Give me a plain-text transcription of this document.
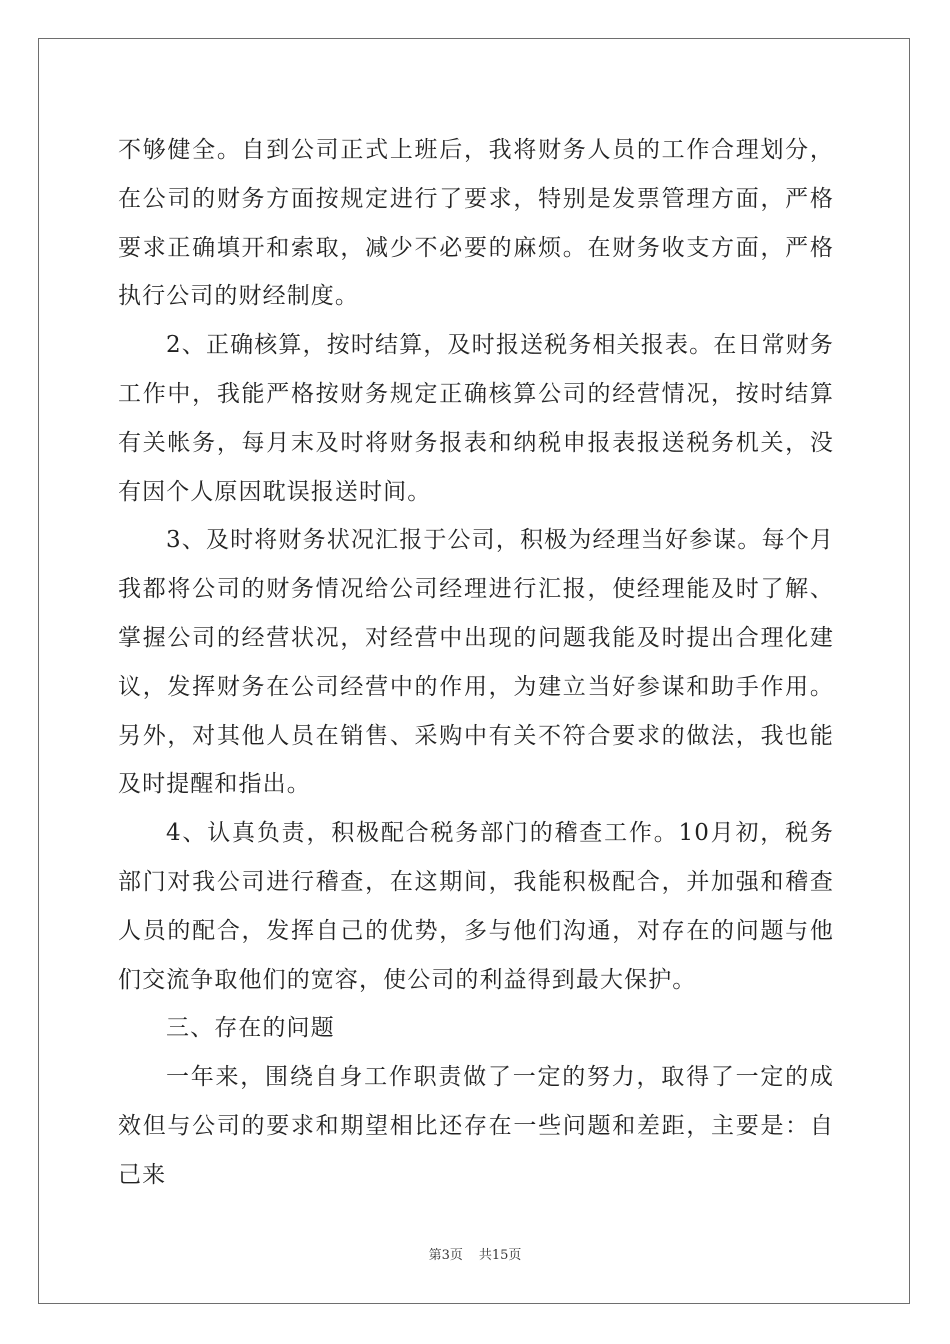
不够健全。自到公司正式上班后，我将财务人员的工作合理划分，在公司的财务方面按规定进行了要求，特别是发票管理方面，严格要求正确填开和索取，减少不必要的麻烦。在财务收支方面，严格执行公司的财经制度。

2、正确核算，按时结算，及时报送税务相关报表。在日常财务工作中，我能严格按财务规定正确核算公司的经营情况，按时结算有关帐务，每月末及时将财务报表和纳税申报表报送税务机关，没有因个人原因耽误报送时间。

3、及时将财务状况汇报于公司，积极为经理当好参谋。每个月我都将公司的财务情况给公司经理进行汇报，使经理能及时了解、掌握公司的经营状况，对经营中出现的问题我能及时提出合理化建议，发挥财务在公司经营中的作用，为建立当好参谋和助手作用。另外，对其他人员在销售、采购中有关不符合要求的做法，我也能及时提醒和指出。

4、认真负责，积极配合税务部门的稽查工作。10月初，税务部门对我公司进行稽查，在这期间，我能积极配合，并加强和稽查人员的配合，发挥自己的优势，多与他们沟通，对存在的问题与他们交流争取他们的宽容，使公司的利益得到最大保护。

三、存在的问题

一年来，围绕自身工作职责做了一定的努力，取得了一定的成效但与公司的要求和期望相比还存在一些问题和差距，主要是：自己来

第3页 共15页
